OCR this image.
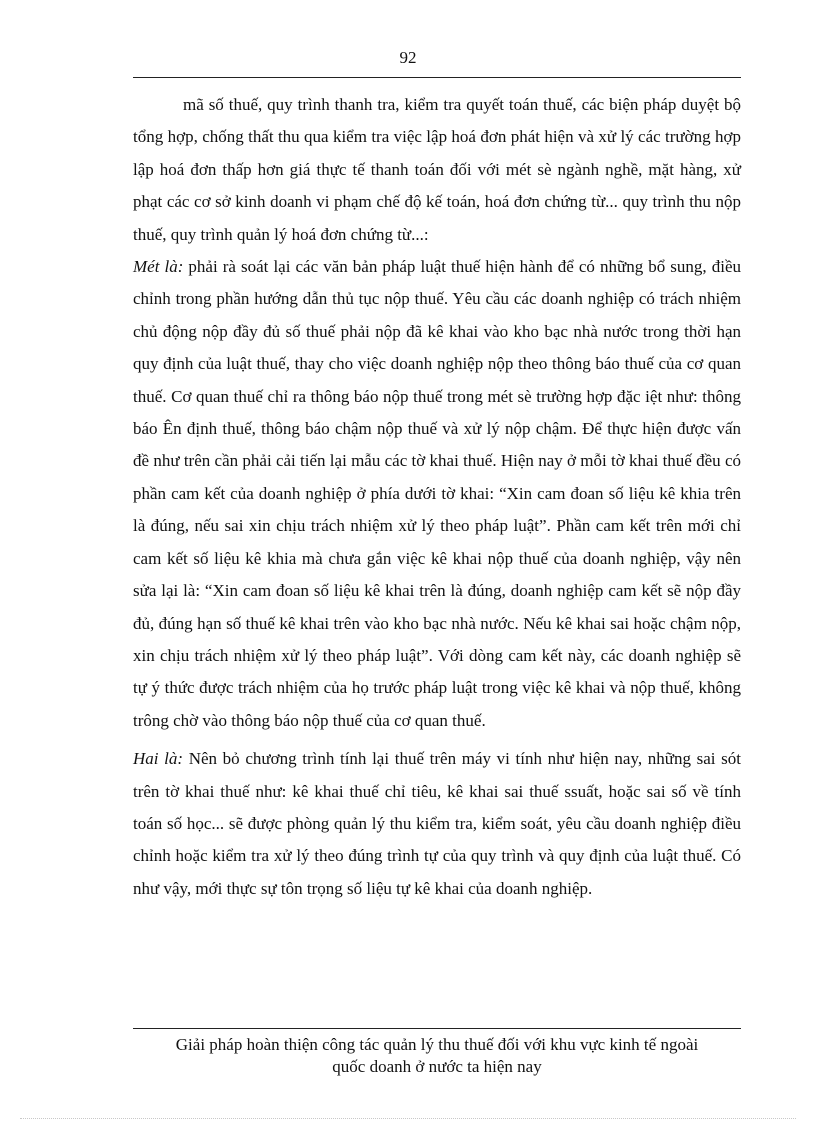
92

mã số thuế, quy trình thanh tra, kiểm tra quyết toán thuế, các biện pháp duyệt bộ tổng hợp, chống thất thu qua kiểm tra việc lập hoá đơn phát hiện và xử lý các trường hợp lập hoá đơn thấp hơn giá thực tế thanh toán đối với mét sè ngành nghề, mặt hàng, xử phạt các cơ sở kinh doanh vi phạm chế độ kế toán, hoá đơn chứng từ... quy trình thu nộp thuế, quy trình quản lý hoá đơn chứng từ...:

Mét là: phải rà soát lại các văn bản pháp luật thuế hiện hành để có những bổ sung, điều chỉnh trong phần hướng dẫn thủ tục nộp thuế. Yêu cầu các doanh nghiệp có trách nhiệm chủ động nộp đầy đủ số thuế phải nộp đã kê khai vào kho bạc nhà nước trong thời hạn quy định của luật thuế, thay cho việc doanh nghiệp nộp theo thông báo thuế của cơ quan thuế. Cơ quan thuế chỉ ra thông báo nộp thuế trong mét sè trường hợp đặc iệt như: thông báo Ên định thuế, thông báo chậm nộp thuế và xử lý nộp chậm. Để thực hiện được vấn đề như trên cần phải cải tiến lại mẫu các tờ khai thuế. Hiện nay ở mỗi tờ khai thuế đều có phần cam kết của doanh nghiệp ở phía dưới tờ khai: “Xin cam đoan số liệu kê khia trên là đúng, nếu sai xin chịu trách nhiệm xử lý theo pháp luật”. Phần cam kết trên mới chỉ cam kết số liệu kê khia mà chưa gắn việc kê khai nộp thuế của doanh nghiệp, vậy nên sửa lại là: “Xin cam đoan số liệu kê khai trên là đúng, doanh nghiệp cam kết sẽ nộp đầy đủ, đúng hạn số thuế kê khai trên vào kho bạc nhà nước. Nếu kê khai sai hoặc chậm nộp, xin chịu trách nhiệm xử lý theo pháp luật”. Với dòng cam kết này, các doanh nghiệp sẽ tự ý thức được trách nhiệm của họ trước pháp luật trong việc kê khai và nộp thuế, không trông chờ vào thông báo nộp thuế của cơ quan thuế.

Hai là: Nên bỏ chương trình tính lại thuế trên máy vi tính như hiện nay, những sai sót trên tờ khai thuế như: kê khai thuế chỉ tiêu, kê khai sai thuế ssuất, hoặc sai số về tính toán số học... sẽ được phòng quản lý thu kiểm tra, kiểm soát, yêu cầu doanh nghiệp điều chỉnh hoặc kiểm tra xử lý theo đúng trình tự của quy trình và quy định của luật thuế. Có như vậy, mới thực sự tôn trọng số liệu tự kê khai của doanh nghiệp.

Giải pháp hoàn thiện công tác quản lý thu thuế đối với khu vực kinh tế ngoài
quốc doanh ở nước ta hiện nay
